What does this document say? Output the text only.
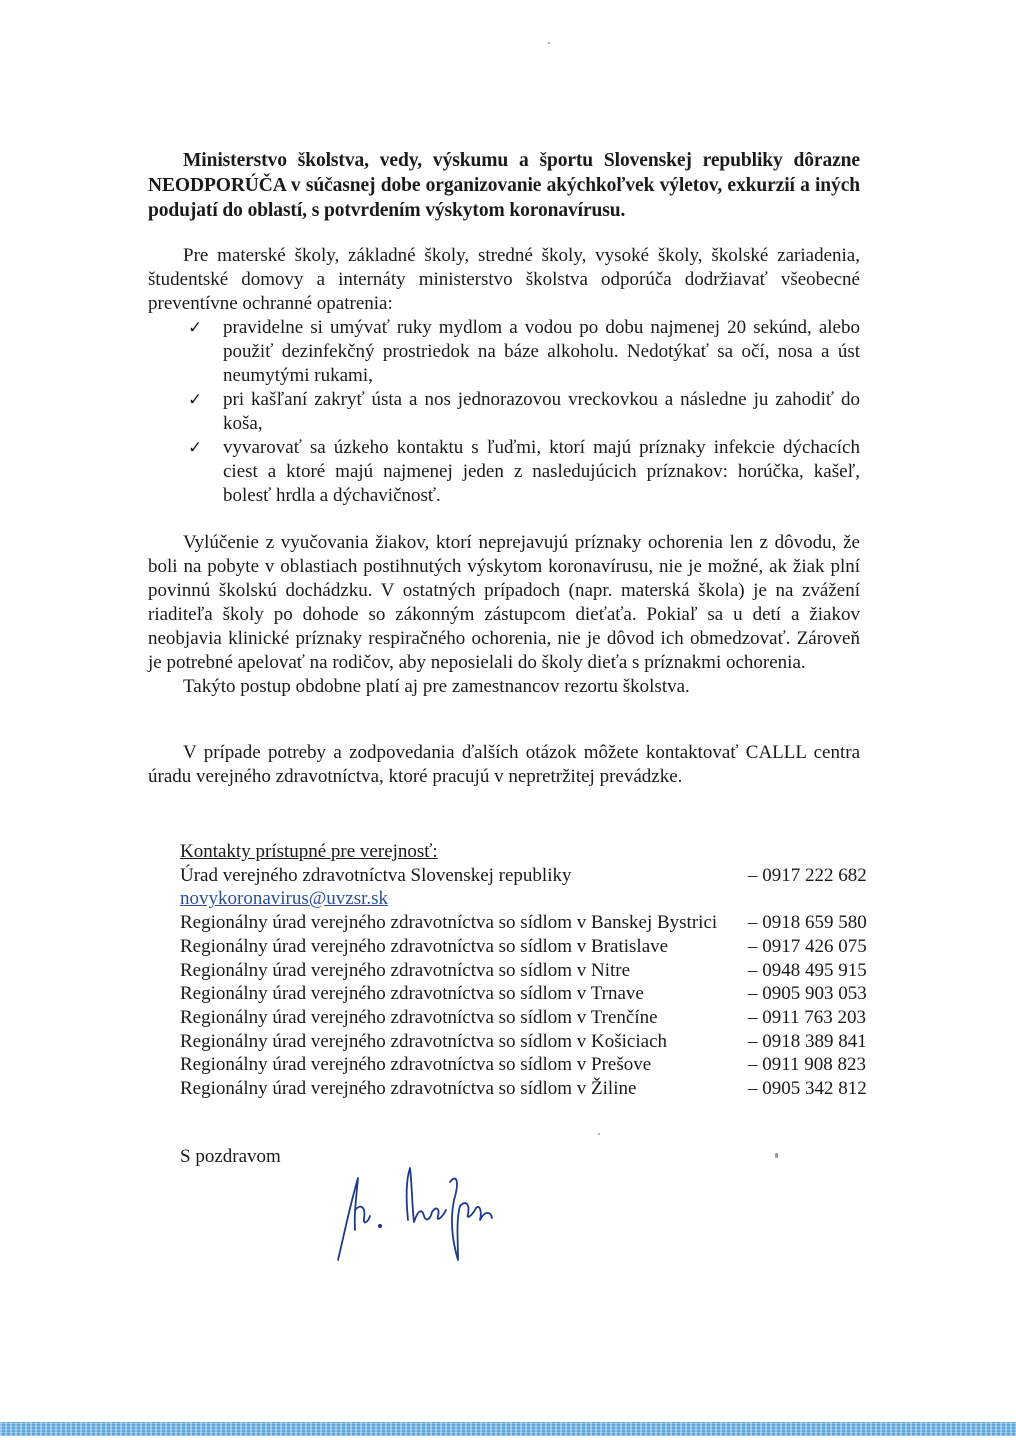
Ministerstvo školstva, vedy, výskumu a športu Slovenskej republiky dôrazne NEODPORÚČA v súčasnej dobe organizovanie akýchkoľvek výletov, exkurzií a iných podujatí do oblastí, s potvrdením výskytom koronavírusu.
Pre materské školy, základné školy, stredné školy, vysoké školy, školské zariadenia, študentské domovy a internáty ministerstvo školstva odporúča dodržiavať všeobecné preventívne ochranné opatrenia:
✓ pravidelne si umývať ruky mydlom a vodou po dobu najmenej 20 sekúnd, alebo použiť dezinfekčný prostriedok na báze alkoholu. Nedotýkať sa očí, nosa a úst neumytými rukami,
✓ pri kašľaní zakryť ústa a nos jednorazovou vreckovkou a následne ju zahodiť do koša,
✓ vyvarovať sa úzkeho kontaktu s ľuďmi, ktorí majú príznaky infekcie dýchacích ciest a ktoré majú najmenej jeden z nasledujúcich príznakov: horúčka, kašeľ, bolesť hrdla a dýchavičnosť.
Vylúčenie z vyučovania žiakov, ktorí neprejavujú príznaky ochorenia len z dôvodu, že boli na pobyte v oblastiach postihnutých výskytom koronavírusu, nie je možné, ak žiak plní povinnú školskú dochádzku. V ostatných prípadoch (napr. materská škola) je na zvážení riaditeľa školy po dohode so zákonným zástupcom dieťaťa. Pokiaľ sa u detí a žiakov neobjavia klinické príznaky respiračného ochorenia, nie je dôvod ich obmedzovať. Zároveň je potrebné apelovať na rodičov, aby neposielali do školy dieťa s príznakmi ochorenia.
Takýto postup obdobne platí aj pre zamestnancov rezortu školstva.
V prípade potreby a zodpovedania ďalších otázok môžete kontaktovať CALLL centra úradu verejného zdravotníctva, ktoré pracujú v nepretržitej prevádzke.
Kontakty prístupné pre verejnosť:
Úrad verejného zdravotníctva Slovenskej republiky	– 0917 222 682
novykoronavirus@uvzsr.sk
Regionálny úrad verejného zdravotníctva so sídlom v Banskej Bystrici – 0918 659 580
Regionálny úrad verejného zdravotníctva so sídlom v Bratislave	– 0917 426 075
Regionálny úrad verejného zdravotníctva so sídlom v Nitre	– 0948 495 915
Regionálny úrad verejného zdravotníctva so sídlom v Trnave	– 0905 903 053
Regionálny úrad verejného zdravotníctva so sídlom v Trenčíne	– 0911 763 203
Regionálny úrad verejného zdravotníctva so sídlom v Košiciach	– 0918 389 841
Regionálny úrad verejného zdravotníctva so sídlom v Prešove	– 0911 908 823
Regionálny úrad verejného zdravotníctva so sídlom v Žiline	– 0905 342 812
S pozdravom
